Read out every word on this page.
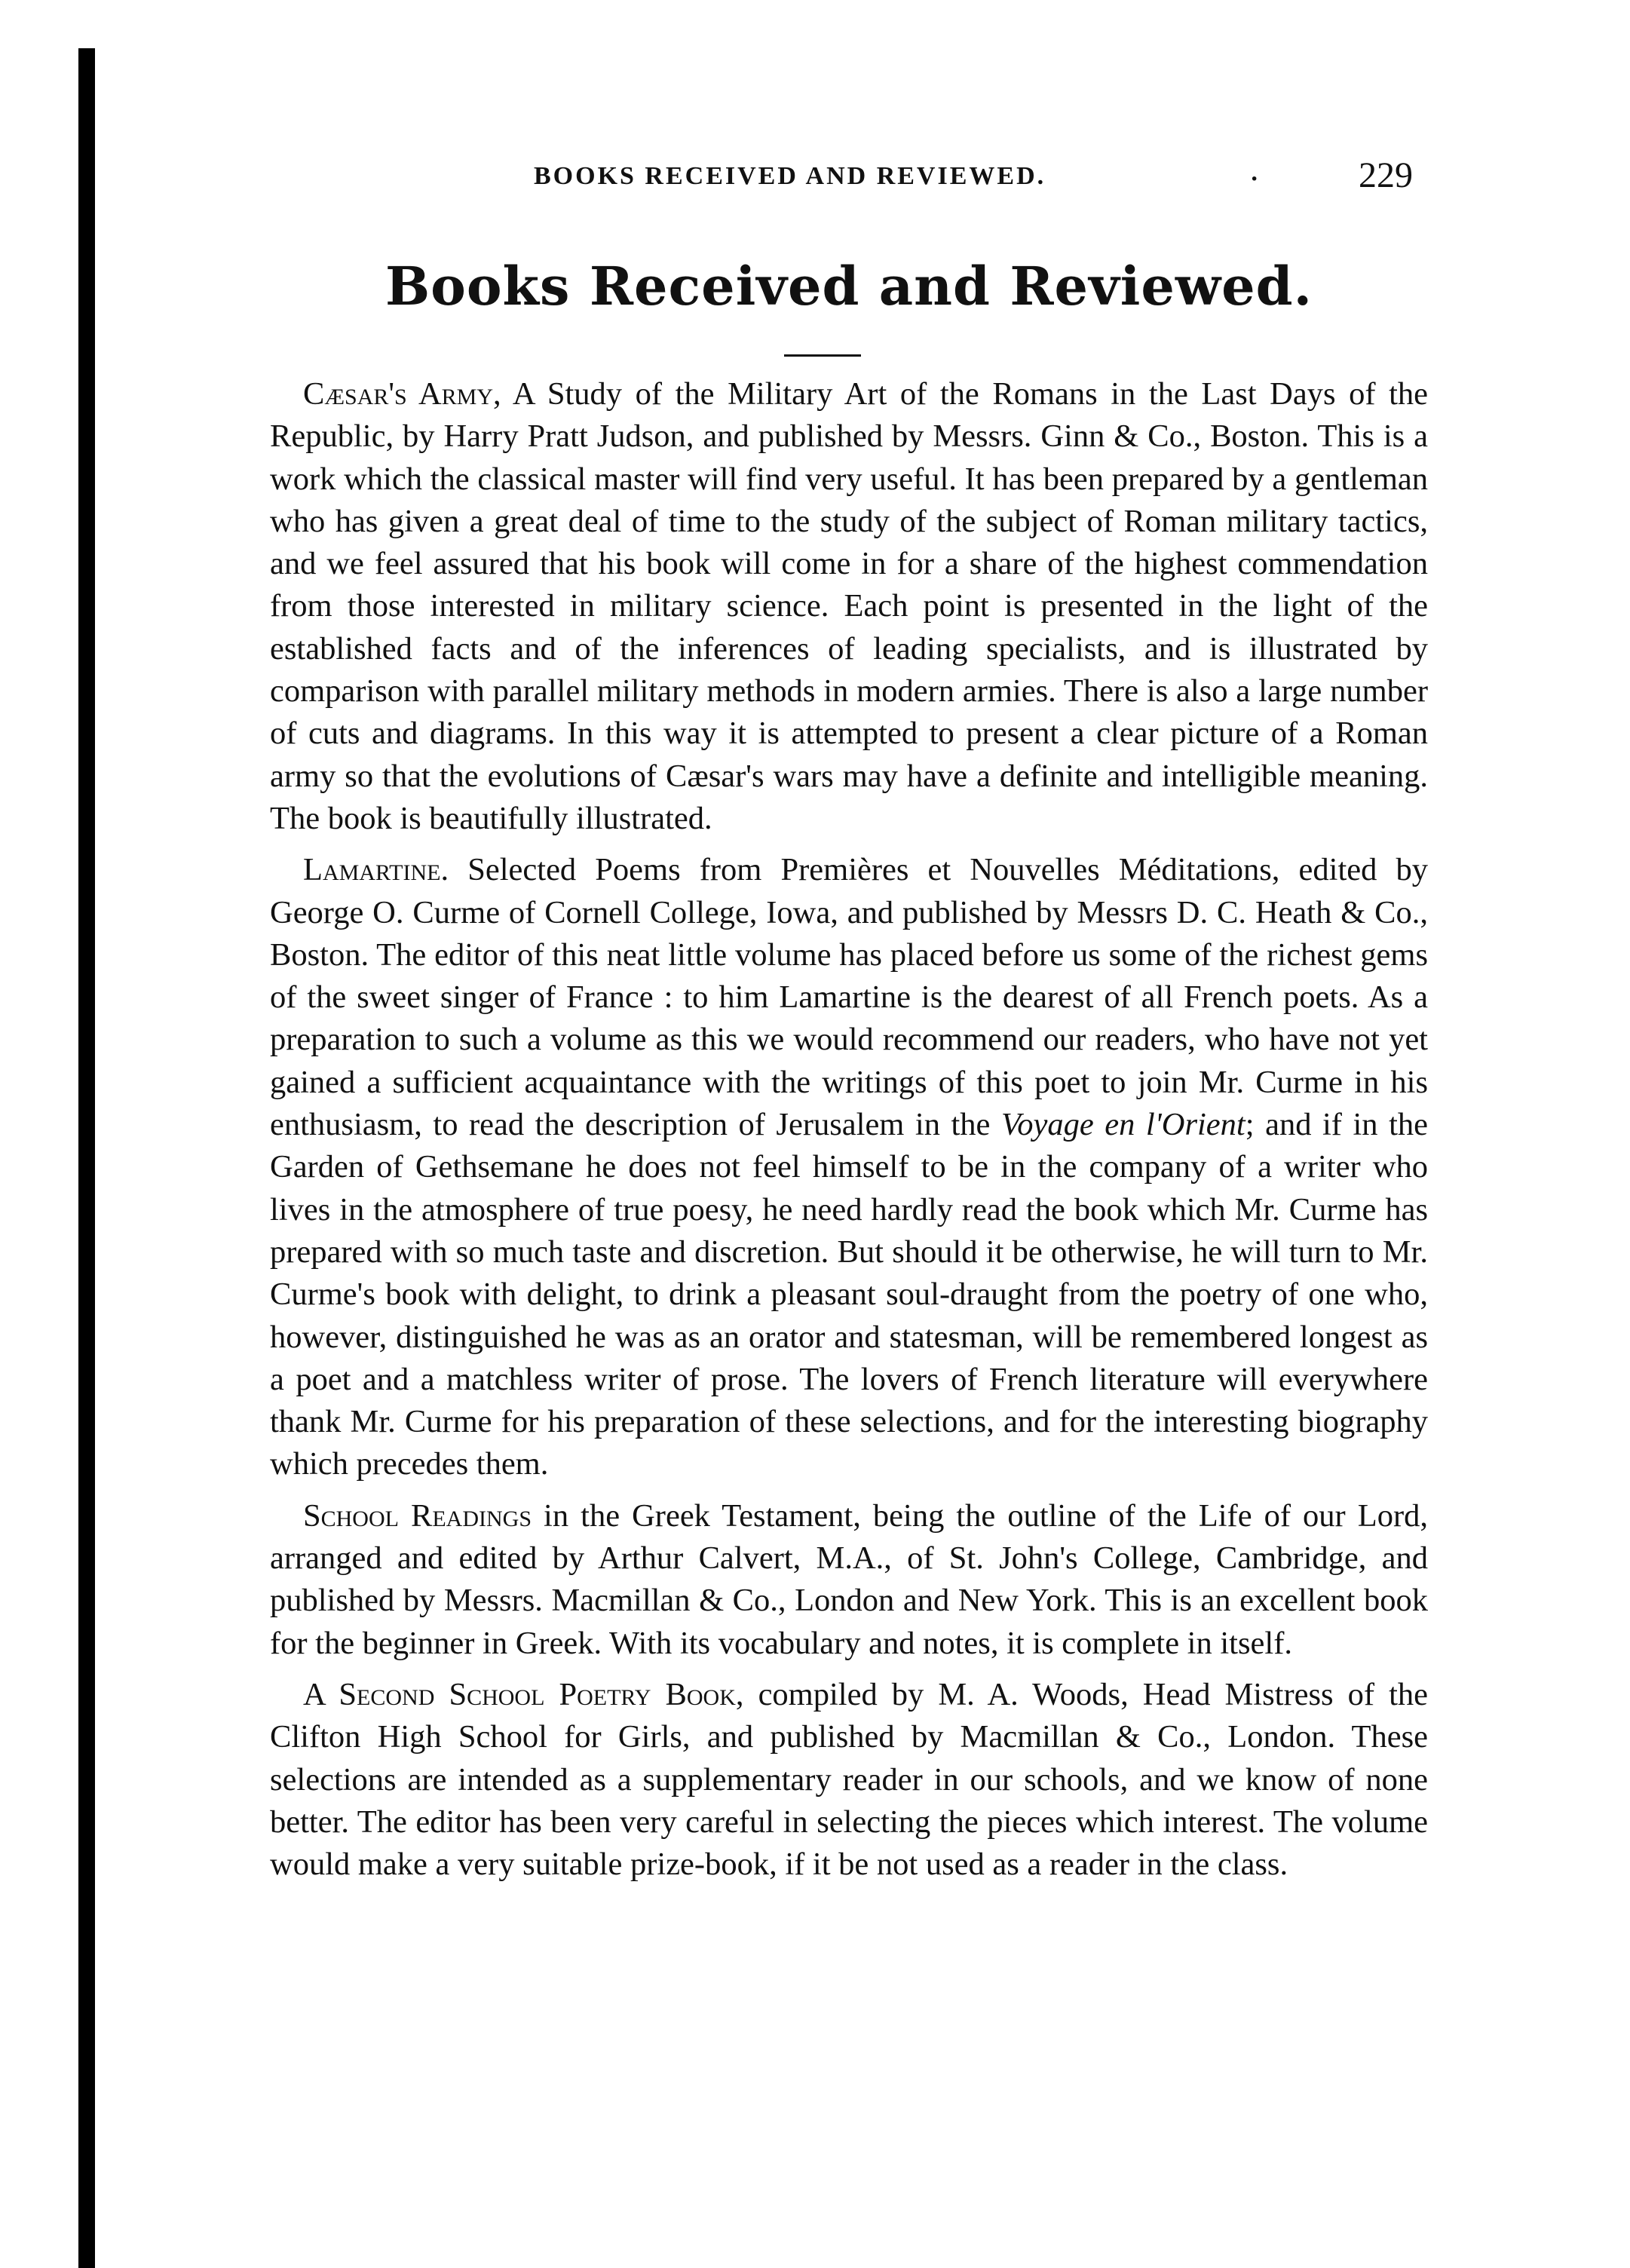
BOOKS RECEIVED AND REVIEWED.	·	229
Books Received and Reviewed.

Cæsar's Army, A Study of the Military Art of the Romans in the Last Days of the Republic, by Harry Pratt Judson, and published by Messrs. Ginn & Co., Boston. This is a work which the classical master will find very useful. It has been prepared by a gentleman who has given a great deal of time to the study of the subject of Roman military tactics, and we feel assured that his book will come in for a share of the highest commendation from those interested in military science. Each point is presented in the light of the established facts and of the inferences of leading specialists, and is illustrated by comparison with parallel military methods in modern armies. There is also a large number of cuts and diagrams. In this way it is attempted to present a clear picture of a Roman army so that the evolutions of Cæsar's wars may have a definite and intelligible meaning. The book is beautifully illustrated.

Lamartine. Selected Poems from Premières et Nouvelles Méditations, edited by George O. Curme of Cornell College, Iowa, and published by Messrs D. C. Heath & Co., Boston. The editor of this neat little volume has placed before us some of the richest gems of the sweet singer of France : to him Lamartine is the dearest of all French poets. As a preparation to such a volume as this we would recommend our readers, who have not yet gained a sufficient acquaintance with the writings of this poet to join Mr. Curme in his enthusiasm, to read the description of Jerusalem in the Voyage en l'Orient; and if in the Garden of Gethsemane he does not feel himself to be in the company of a writer who lives in the atmosphere of true poesy, he need hardly read the book which Mr. Curme has prepared with so much taste and discretion. But should it be otherwise, he will turn to Mr. Curme's book with delight, to drink a pleasant soul-draught from the poetry of one who, however, distinguished he was as an orator and statesman, will be remembered longest as a poet and a matchless writer of prose. The lovers of French literature will everywhere thank Mr. Curme for his preparation of these selections, and for the interesting biography which precedes them.

School Readings in the Greek Testament, being the outline of the Life of our Lord, arranged and edited by Arthur Calvert, M.A., of St. John's College, Cambridge, and published by Messrs. Macmillan & Co., London and New York. This is an excellent book for the beginner in Greek. With its vocabulary and notes, it is complete in itself.

A Second School Poetry Book, compiled by M. A. Woods, Head Mistress of the Clifton High School for Girls, and published by Macmillan & Co., London. These selections are intended as a supplementary reader in our schools, and we know of none better. The editor has been very careful in selecting the pieces which interest. The volume would make a very suitable prize-book, if it be not used as a reader in the class.
